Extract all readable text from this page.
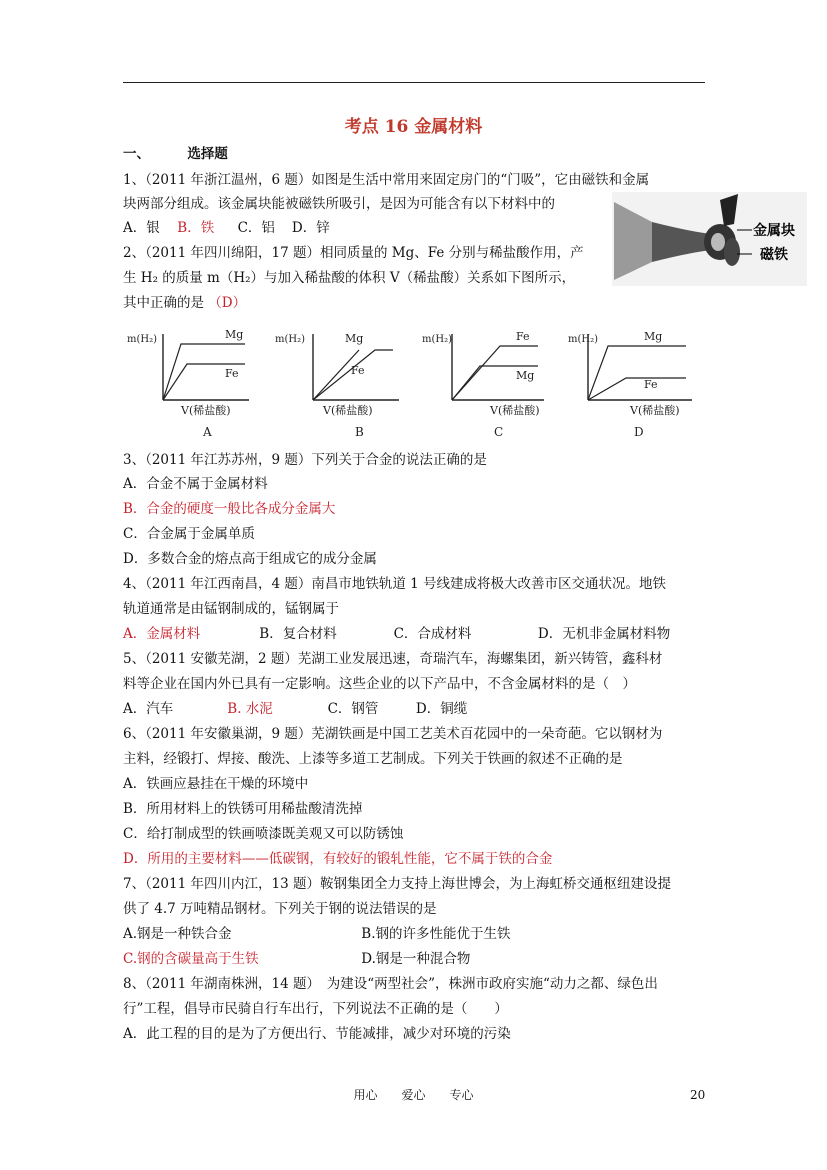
考点 16 金属材料
一、	选择题
1、（2011 年浙江温州，6 题）如图是生活中常用来固定房门的“门吸”，它由磁铁和金属
块两部分组成。该金属块能被磁铁所吸引，是因为可能含有以下材料中的
A．银 B．铁 C．铝 D．锌	金属块
磁铁
2、（2011 年四川绵阳，17 题）相同质量的 Mg、Fe 分别与稀盐酸作用，产
生 H₂ 的质量 m（H₂）与加入稀盐酸的体积 V（稀盐酸）关系如下图所示，
其中正确的是 （D）
m(H₂)	Mg
Fe
V(稀盐酸)
A
m(H₂)	Mg
Fe
V(稀盐酸)
B
m(H₂)	Fe
Mg
V(稀盐酸)
C
m(H₂)	Mg
Fe
V(稀盐酸)
D
3、（2011 年江苏苏州，9 题）下列关于合金的说法正确的是
A．合金不属于金属材料
B．合金的硬度一般比各成分金属大
C．合金属于金属单质
D．多数合金的熔点高于组成它的成分金属
4、（2011 年江西南昌，4 题）南昌市地铁轨道 1 号线建成将极大改善市区交通状况。地铁
轨道通常是由锰钢制成的，锰钢属于
A．金属材料	B．复合材料	C．合成材料	D．无机非金属材料物
5、（2011 安徽芜湖，2 题）芜湖工业发展迅速，奇瑞汽车，海螺集团，新兴铸管，鑫科材
料等企业在国内外已具有一定影响。这些企业的以下产品中，不含金属材料的是（　）
A．汽车	B. 水泥	C．钢管	D．铜缆
6、（2011 年安徽巢湖，9 题）芜湖铁画是中国工艺美术百花园中的一朵奇葩。它以钢材为
主料，经锻打、焊接、酸洗、上漆等多道工艺制成。下列关于铁画的叙述不正确的是
A．铁画应悬挂在干燥的环境中
B．所用材料上的铁锈可用稀盐酸清洗掉
C．给打制成型的铁画喷漆既美观又可以防锈蚀
D．所用的主要材料——低碳钢，有较好的锻轧性能，它不属于铁的合金
7、（2011 年四川内江，13 题）鞍钢集团全力支持上海世博会，为上海虹桥交通枢纽建设提
供了 4.7 万吨精品钢材。下列关于钢的说法错误的是
A.钢是一种铁合金	B.钢的许多性能优于生铁
C.钢的含碳量高于生铁	D.钢是一种混合物
8、（2011 年湖南株洲，14 题）　为建设“两型社会”，株洲市政府实施“动力之都、绿色出
行”工程，倡导市民骑自行车出行，下列说法不正确的是（　　）
A．此工程的目的是为了方便出行、节能减排，减少对环境的污染
用心　　爱心　　专心	20
